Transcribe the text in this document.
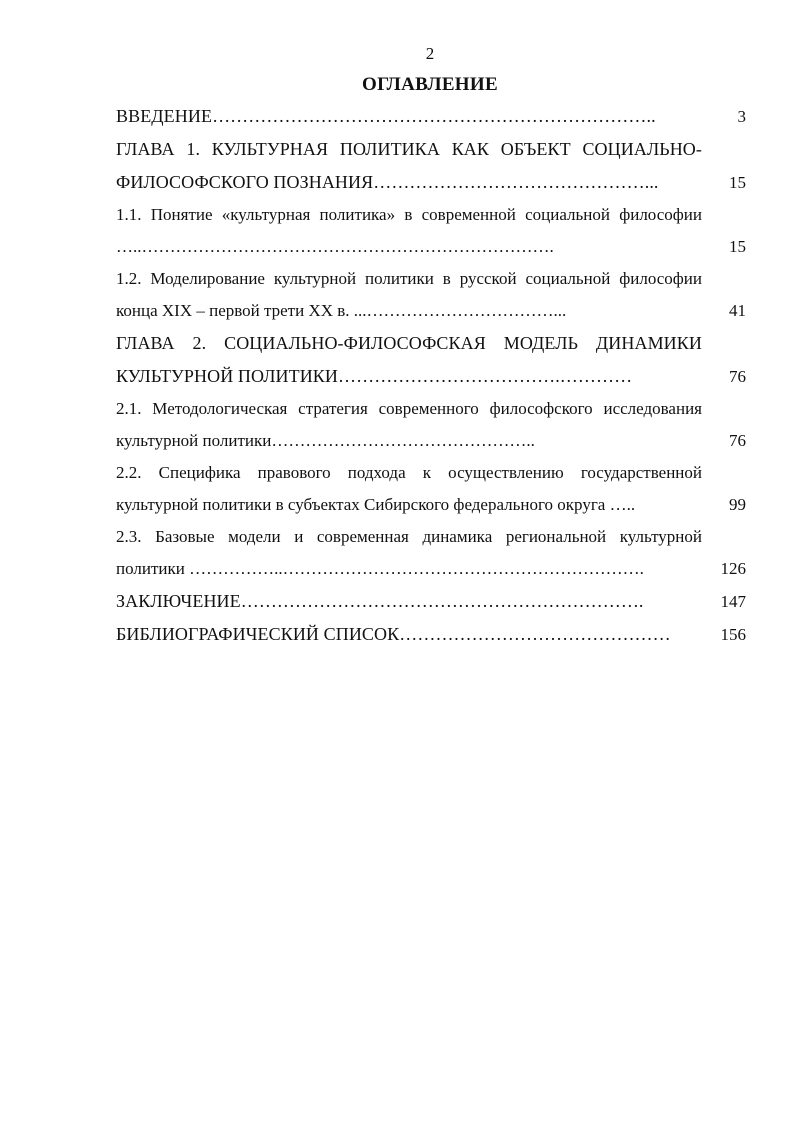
2
ОГЛАВЛЕНИЕ
ВВЕДЕНИЕ………………………………………………………………..	3
ГЛАВА 1. КУЛЬТУРНАЯ ПОЛИТИКА КАК ОБЪЕКТ СОЦИАЛЬНО-ФИЛОСОФСКОГО ПОЗНАНИЯ………………………………………...	15
1.1. Понятие «культурная политика» в современной социальной философии …..……………………………………………………………….	15
1.2. Моделирование культурной политики в русской социальной философии конца XIX – первой трети XX в. ...……………………………...	41
ГЛАВА 2. СОЦИАЛЬНО-ФИЛОСОФСКАЯ МОДЕЛЬ ДИНАМИКИ КУЛЬТУРНОЙ ПОЛИТИКИ……………………………….…………	76
2.1. Методологическая стратегия современного философского исследования культурной политики………………………………………..	76
2.2. Специфика правового подхода к осуществлению государственной культурной политики в субъектах Сибирского федерального округа …..	99
2.3. Базовые модели и современная динамика региональной культурной политики ……………..……………………………………………………….	126
ЗАКЛЮЧЕНИЕ………………………………………………………….	147
БИБЛИОГРАФИЧЕСКИЙ СПИСОК………………………………………	156
